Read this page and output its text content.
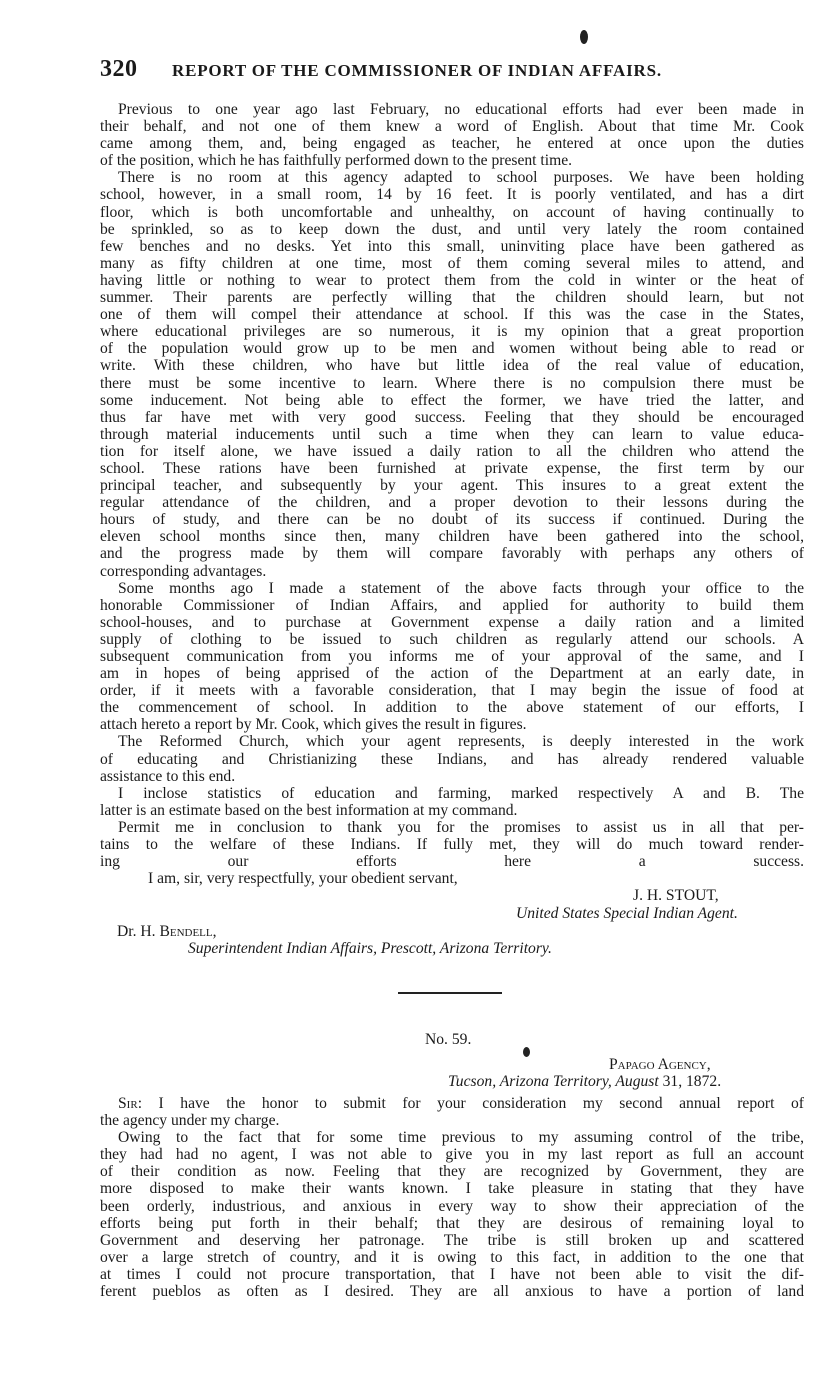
320 REPORT OF THE COMMISSIONER OF INDIAN AFFAIRS.
Previous to one year ago last February, no educational efforts had ever been made in
their behalf, and not one of them knew a word of English. About that time Mr. Cook
came among them, and, being engaged as teacher, he entered at once upon the duties
of the position, which he has faithfully performed down to the present time.
There is no room at this agency adapted to school purposes. We have been holding
school, however, in a small room, 14 by 16 feet. It is poorly ventilated, and has a dirt
floor, which is both uncomfortable and unhealthy, on account of having continually to
be sprinkled, so as to keep down the dust, and until very lately the room contained
few benches and no desks. Yet into this small, uninviting place have been gathered as
many as fifty children at one time, most of them coming several miles to attend, and
having little or nothing to wear to protect them from the cold in winter or the heat of
summer. Their parents are perfectly willing that the children should learn, but not
one of them will compel their attendance at school. If this was the case in the States,
where educational privileges are so numerous, it is my opinion that a great proportion
of the population would grow up to be men and women without being able to read or
write. With these children, who have but little idea of the real value of education,
there must be some incentive to learn. Where there is no compulsion there must be
some inducement. Not being able to effect the former, we have tried the latter, and
thus far have met with very good success. Feeling that they should be encouraged
through material inducements until such a time when they can learn to value educa-
tion for itself alone, we have issued a daily ration to all the children who attend the
school. These rations have been furnished at private expense, the first term by our
principal teacher, and subsequently by your agent. This insures to a great extent the
regular attendance of the children, and a proper devotion to their lessons during the
hours of study, and there can be no doubt of its success if continued. During the
eleven school months since then, many children have been gathered into the school,
and the progress made by them will compare favorably with perhaps any others of
corresponding advantages.
Some months ago I made a statement of the above facts through your office to the
honorable Commissioner of Indian Affairs, and applied for authority to build them
school-houses, and to purchase at Government expense a daily ration and a limited
supply of clothing to be issued to such children as regularly attend our schools. A
subsequent communication from you informs me of your approval of the same, and I
am in hopes of being apprised of the action of the Department at an early date, in
order, if it meets with a favorable consideration, that I may begin the issue of food at
the commencement of school. In addition to the above statement of our efforts, I
attach hereto a report by Mr. Cook, which gives the result in figures.
The Reformed Church, which your agent represents, is deeply interested in the work
of educating and Christianizing these Indians, and has already rendered valuable
assistance to this end.
I inclose statistics of education and farming, marked respectively A and B. The
latter is an estimate based on the best information at my command.
Permit me in conclusion to thank you for the promises to assist us in all that per-
tains to the welfare of these Indians. If fully met, they will do much toward render-
ing our efforts here a success.
I am, sir, very respectfully, your obedient servant,
J. H. STOUT,
United States Special Indian Agent.
Dr. H. Bendell,
Superintendent Indian Affairs, Prescott, Arizona Territory.
No. 59.
Papago Agency,
Tucson, Arizona Territory, August 31, 1872.
Sir: I have the honor to submit for your consideration my second annual report of
the agency under my charge.
Owing to the fact that for some time previous to my assuming control of the tribe,
they had had no agent, I was not able to give you in my last report as full an account
of their condition as now. Feeling that they are recognized by Government, they are
more disposed to make their wants known. I take pleasure in stating that they have
been orderly, industrious, and anxious in every way to show their appreciation of the
efforts being put forth in their behalf; that they are desirous of remaining loyal to
Government and deserving her patronage. The tribe is still broken up and scattered
over a large stretch of country, and it is owing to this fact, in addition to the one that
at times I could not procure transportation, that I have not been able to visit the dif-
ferent pueblos as often as I desired. They are all anxious to have a portion of land
